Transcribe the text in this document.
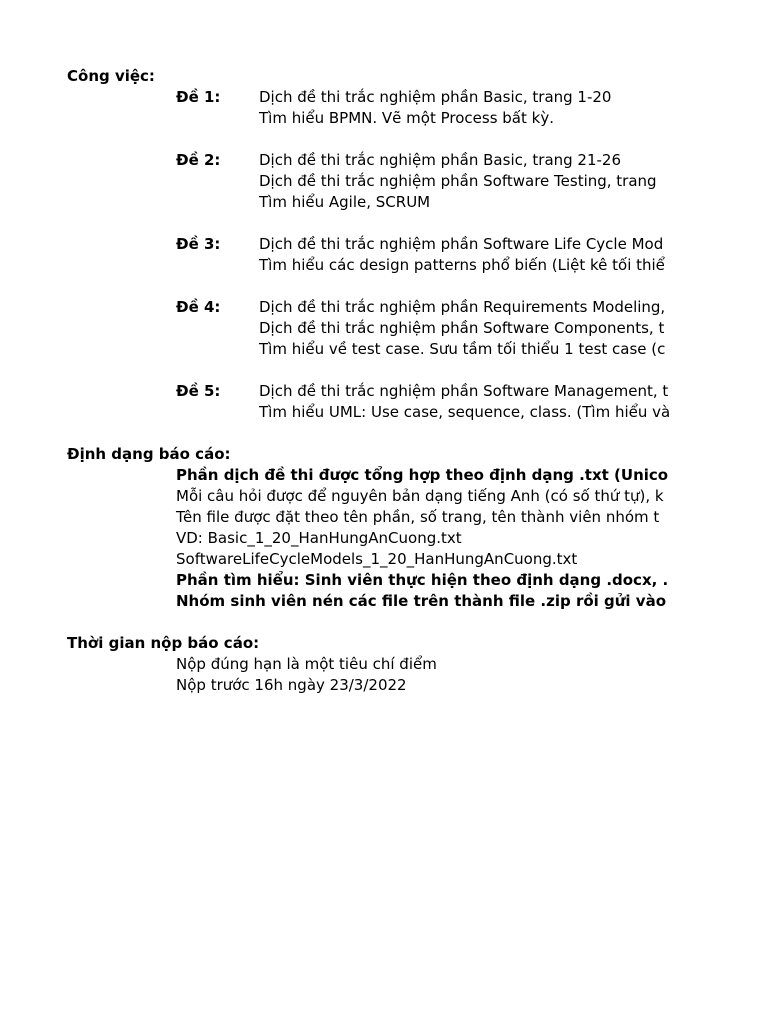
Công việc:
Đề 1:	Dịch đề thi trắc nghiệm phần Basic, trang 1-20
Tìm hiểu BPMN. Vẽ một Process bất kỳ.
Đề 2:	Dịch đề thi trắc nghiệm phần Basic, trang 21-26
Dịch đề thi trắc nghiệm phần Software Testing, trang
Tìm hiểu Agile, SCRUM
Đề 3:	Dịch đề thi trắc nghiệm phần Software Life Cycle Mod
Tìm hiểu các design patterns phổ biến (Liệt kê tối thiể
Đề 4:	Dịch đề thi trắc nghiệm phần Requirements Modeling,
Dịch đề thi trắc nghiệm phần Software Components, t
Tìm hiểu về test case. Sưu tầm tối thiểu 1 test case (c
Đề 5:	Dịch đề thi trắc nghiệm phần Software Management, t
Tìm hiểu UML: Use case, sequence, class. (Tìm hiểu và
Định dạng báo cáo:
Phần dịch đề thi được tổng hợp theo định dạng .txt (Unico
Mỗi câu hỏi được để nguyên bản dạng tiếng Anh (có số thứ tự), k
Tên file được đặt theo tên phần, số trang, tên thành viên nhóm t
VD: Basic_1_20_HanHungAnCuong.txt
SoftwareLifeCycleModels_1_20_HanHungAnCuong.txt
Phần tìm hiểu: Sinh viên thực hiện theo định dạng .docx, .
Nhóm sinh viên nén các file trên thành file .zip rồi gửi vào
Thời gian nộp báo cáo:
Nộp đúng hạn là một tiêu chí điểm
Nộp trước 16h ngày 23/3/2022
